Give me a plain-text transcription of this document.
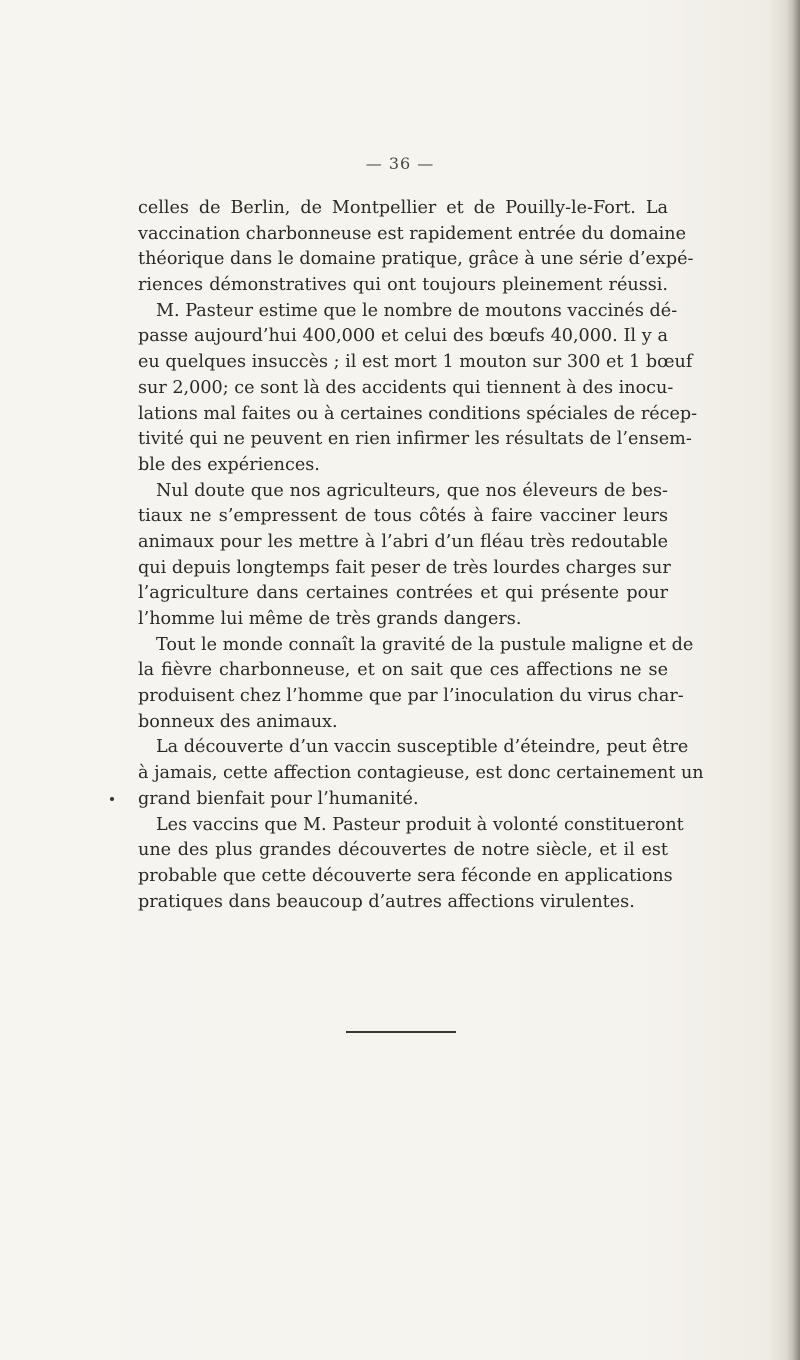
— 36 —
celles de Berlin, de Montpellier et de Pouilly-le-Fort. La
vaccination charbonneuse est rapidement entrée du domaine
théorique dans le domaine pratique, grâce à une série d’expé-
riences démonstratives qui ont toujours pleinement réussi.
M. Pasteur estime que le nombre de moutons vaccinés dé-
passe aujourd’hui 400,000 et celui des bœufs 40,000. Il y a
eu quelques insuccès ; il est mort 1 mouton sur 300 et 1 bœuf
sur 2,000; ce sont là des accidents qui tiennent à des inocu-
lations mal faites ou à certaines conditions spéciales de récep-
tivité qui ne peuvent en rien infirmer les résultats de l’ensem-
ble des expériences.
Nul doute que nos agriculteurs, que nos éleveurs de bes-
tiaux ne s’empressent de tous côtés à faire vacciner leurs
animaux pour les mettre à l’abri d’un fléau très redoutable
qui depuis longtemps fait peser de très lourdes charges sur
l’agriculture dans certaines contrées et qui présente pour
l’homme lui même de très grands dangers.
Tout le monde connaît la gravité de la pustule maligne et de
la fièvre charbonneuse, et on sait que ces affections ne se
produisent chez l’homme que par l’inoculation du virus char-
bonneux des animaux.
La découverte d’un vaccin susceptible d’éteindre, peut être
à jamais, cette affection contagieuse, est donc certainement un
grand bienfait pour l’humanité.
Les vaccins que M. Pasteur produit à volonté constitueront
une des plus grandes découvertes de notre siècle, et il est
probable que cette découverte sera féconde en applications
pratiques dans beaucoup d’autres affections virulentes.
